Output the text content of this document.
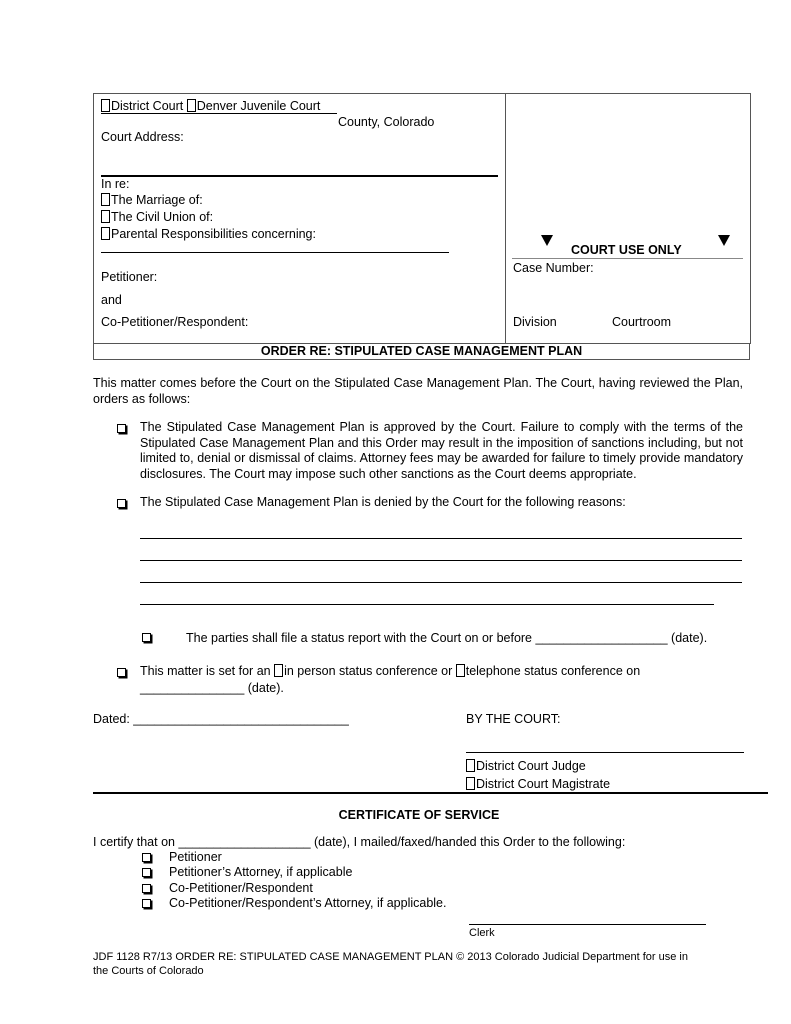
District Court Denver Juvenile Court
County, Colorado
Court Address:
In re:
The Marriage of:
The Civil Union of:
Parental Responsibilities concerning:
Petitioner:
and
Co-Petitioner/Respondent:
COURT USE ONLY
Case Number:
Division	Courtroom
ORDER RE: STIPULATED CASE MANAGEMENT PLAN
This matter comes before the Court on the Stipulated Case Management Plan. The Court, having reviewed the Plan, orders as follows:
The Stipulated Case Management Plan is approved by the Court. Failure to comply with the terms of the Stipulated Case Management Plan and this Order may result in the imposition of sanctions including, but not limited to, denial or dismissal of claims. Attorney fees may be awarded for failure to timely provide mandatory disclosures. The Court may impose such other sanctions as the Court deems appropriate.
The Stipulated Case Management Plan is denied by the Court for the following reasons:
The parties shall file a status report with the Court on or before ___________________ (date).
This matter is set for an in person status conference or telephone status conference on
_______________ (date).
Dated: _______________________________	BY THE COURT:
District Court Judge
District Court Magistrate
CERTIFICATE OF SERVICE
I certify that on ___________________ (date), I mailed/faxed/handed this Order to the following:
Petitioner
Petitioner’s Attorney, if applicable
Co-Petitioner/Respondent
Co-Petitioner/Respondent’s Attorney, if applicable.
Clerk
JDF 1128 R7/13 ORDER RE: STIPULATED CASE MANAGEMENT PLAN © 2013 Colorado Judicial Department for use in
the Courts of Colorado
